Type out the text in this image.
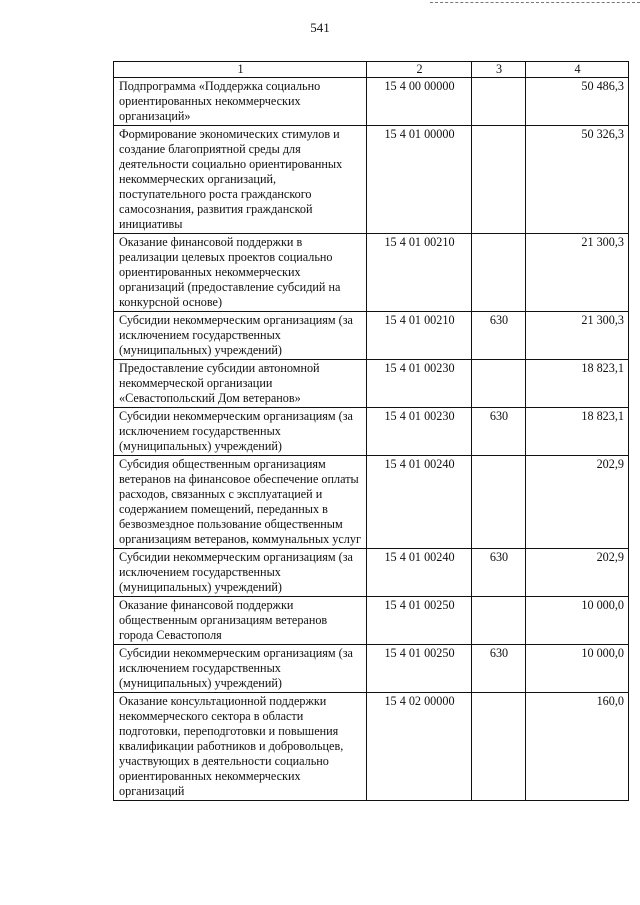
541
1	2	3	4
Подпрограмма «Поддержка социально ориентированных некоммерческих организаций»	15 4 00 00000		50 486,3
Формирование экономических стимулов и создание благоприятной среды для деятельности социально ориентированных некоммерческих организаций, поступательного роста гражданского самосознания, развития гражданской инициативы	15 4 01 00000		50 326,3
Оказание финансовой поддержки в реализации целевых проектов социально ориентированных некоммерческих организаций (предоставление субсидий на конкурсной основе)	15 4 01 00210		21 300,3
Субсидии некоммерческим организациям (за исключением государственных (муниципальных) учреждений)	15 4 01 00210	630	21 300,3
Предоставление субсидии автономной некоммерческой организации «Севастопольский Дом ветеранов»	15 4 01 00230		18 823,1
Субсидии некоммерческим организациям (за исключением государственных (муниципальных) учреждений)	15 4 01 00230	630	18 823,1
Субсидия общественным организациям ветеранов на финансовое обеспечение оплаты расходов, связанных с эксплуатацией и содержанием помещений, переданных в безвозмездное пользование общественным организациям ветеранов, коммунальных услуг	15 4 01 00240		202,9
Субсидии некоммерческим организациям (за исключением государственных (муниципальных) учреждений)	15 4 01 00240	630	202,9
Оказание финансовой поддержки общественным организациям ветеранов города Севастополя	15 4 01 00250		10 000,0
Субсидии некоммерческим организациям (за исключением государственных (муниципальных) учреждений)	15 4 01 00250	630	10 000,0
Оказание консультационной поддержки некоммерческого сектора в области подготовки, переподготовки и повышения квалификации работников и добровольцев, участвующих в деятельности социально ориентированных некоммерческих организаций	15 4 02 00000		160,0
